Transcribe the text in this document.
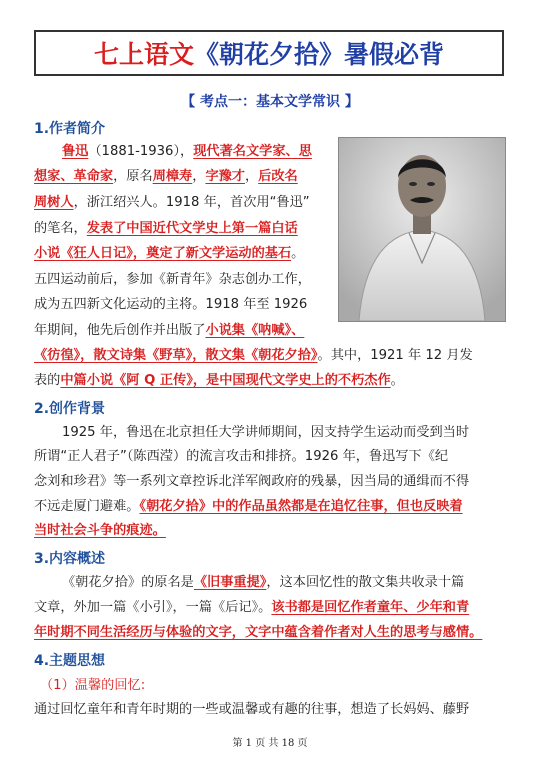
七上语文 《朝花夕拾》暑假必背
【 考点一：基本文学常识 】
1.作者简介
鲁迅（1881-1936），现代著名文学家、思
想家、革命家，原名周樟寿，字豫才，后改名
周树人，浙江绍兴人。1918 年，首次用“鲁迅”
的笔名，发表了中国近代文学史上第一篇白话
小说《狂人日记》，奠定了新文学运动的基石。
五四运动前后，参加《新青年》杂志创办工作，
成为五四新文化运动的主将。1918 年至 1926
年期间，他先后创作并出版了小说集《呐喊》、
《彷徨》，散文诗集《野草》，散文集《朝花夕拾》。其中，1921 年 12 月发
表的中篇小说《阿 Q 正传》，是中国现代文学史上的不朽杰作。
2.创作背景
1925 年，鲁迅在北京担任大学讲师期间，因支持学生运动而受到当时
所谓“正人君子”（陈西滢）的流言攻击和排挤。1926 年，鲁迅写下《纪
念刘和珍君》等一系列文章控诉北洋军阀政府的残暴，因当局的通缉而不得
不远走厦门避难。《朝花夕拾》中的作品虽然都是在追忆往事，但也反映着
当时社会斗争的痕迹。
3.内容概述
《朝花夕拾》的原名是《旧事重提》，这本回忆性的散文集共收录十篇
文章，外加一篇《小引》，一篇《后记》。该书都是回忆作者童年、少年和青
年时期不同生活经历与体验的文字，文字中蕴含着作者对人生的思考与感情。
4.主题思想
（1）温馨的回忆:
通过回忆童年和青年时期的一些或温馨或有趣的往事，想造了长妈妈、藤野
第 1 页 共 18 页
